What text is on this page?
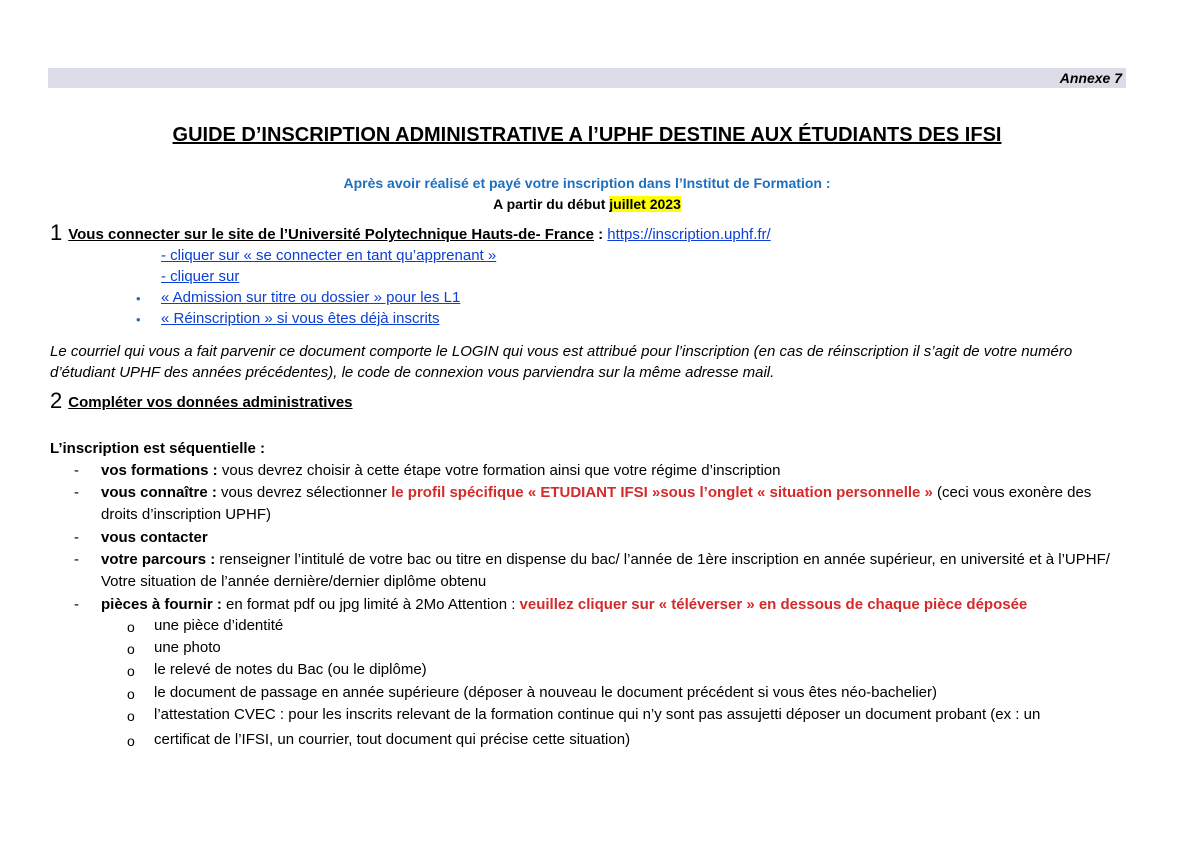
Annexe 7
GUIDE D’INSCRIPTION ADMINISTRATIVE A l’UPHF DESTINE AUX ÉTUDIANTS DES IFSI
Après avoir réalisé et payé votre inscription dans l’Institut de Formation :
A partir du début juillet 2023
1 Vous connecter sur le site de l’Université Polytechnique Hauts-de- France : https://inscription.uphf.fr/
- cliquer sur « se connecter en tant qu’apprenant »
- cliquer sur
• « Admission sur titre ou dossier » pour les L1
• « Réinscription » si vous êtes déjà inscrits
Le courriel qui vous a fait parvenir ce document comporte le LOGIN qui vous est attribué pour l’inscription (en cas de réinscription il s’agit de votre numéro d’étudiant UPHF des années précédentes), le code de connexion vous parviendra sur la même adresse mail.
2 Compléter vos données administratives
L’inscription est séquentielle :
- vos formations : vous devrez choisir à cette étape votre formation ainsi que votre régime d’inscription
- vous connaître : vous devrez sélectionner le profil spécifique « ETUDIANT IFSI »sous l’onglet « situation personnelle » (ceci vous exonère des droits d’inscription UPHF)
- vous contacter
- votre parcours : renseigner l’intitulé de votre bac ou titre en dispense du bac/ l’année de 1ère inscription en année supérieur, en université et à l’UPHF/ Votre situation de l’année dernière/dernier diplôme obtenu
- pièces à fournir : en format pdf ou jpg limité à 2Mo Attention : veuillez cliquer sur « téléverser » en dessous de chaque pièce déposée
o une pièce d’identité
o une photo
o le relevé de notes du Bac (ou le diplôme)
o le document de passage en année supérieure (déposer à nouveau le document précédent si vous êtes néo-bachelier)
o l’attestation CVEC : pour les inscrits relevant de la formation continue qui n’y sont pas assujetti déposer un document probant (ex : un
o certificat de l’IFSI, un courrier, tout document qui précise cette situation)
